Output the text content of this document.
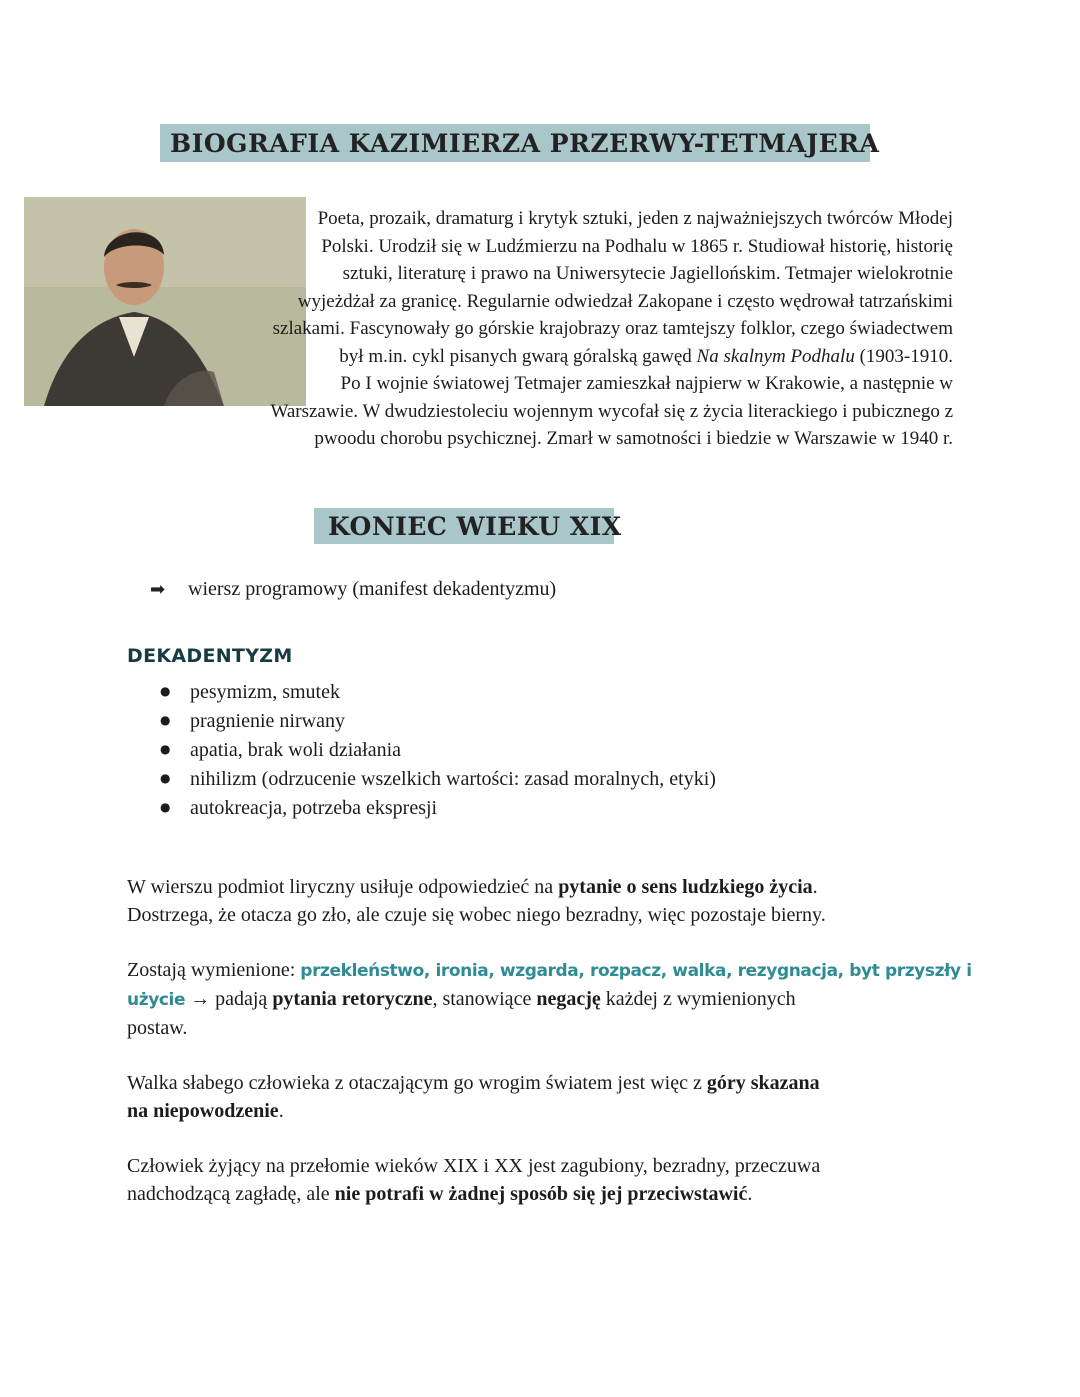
BIOGRAFIA KAZIMIERZA PRZERWY-TETMAJERA
Poeta, prozaik, dramaturg i krytyk sztuki, jeden z najważniejszych twórców Młodej
Polski. Urodził się w Ludźmierzu na Podhalu w 1865 r. Studiował historię, historię
sztuki, literaturę i prawo na Uniwersytecie Jagiellońskim. Tetmajer wielokrotnie
wyjeżdżał za granicę. Regularnie odwiedzał Zakopane i często wędrował tatrzańskimi
szlakami. Fascynowały go górskie krajobrazy oraz tamtejszy folklor, czego świadectwem
był m.in. cykl pisanych gwarą góralską gawęd Na skalnym Podhalu (1903-1910.
Po I wojnie światowej Tetmajer zamieszkał najpierw w Krakowie, a następnie w
Warszawie. W dwudziestoleciu wojennym wycofał się z życia literackiego i pubicznego z
pwoodu chorobu psychicznej. Zmarł w samotności i biedzie w Warszawie w 1940 r.
KONIEC WIEKU XIX
➡ wiersz programowy (manifest dekadentyzmu)
DEKADENTYZM
● pesymizm, smutek
● pragnienie nirwany
● apatia, brak woli działania
● nihilizm (odrzucenie wszelkich wartości: zasad moralnych, etyki)
● autokreacja, potrzeba ekspresji
W wierszu podmiot liryczny usiłuje odpowiedzieć na pytanie o sens ludzkiego życia.
Dostrzega, że otacza go zło, ale czuje się wobec niego bezradny, więc pozostaje bierny.
Zostają wymienione: przekleństwo, ironia, wzgarda, rozpacz, walka, rezygnacja, byt przyszły i
użycie → padają pytania retoryczne, stanowiące negację każdej z wymienionych
postaw.
Walka słabego człowieka z otaczającym go wrogim światem jest więc z góry skazana
na niepowodzenie.
Człowiek żyjący na przełomie wieków XIX i XX jest zagubiony, bezradny, przeczuwa
nadchodzącą zagładę, ale nie potrafi w żadnej sposób się jej przeciwstawić.
